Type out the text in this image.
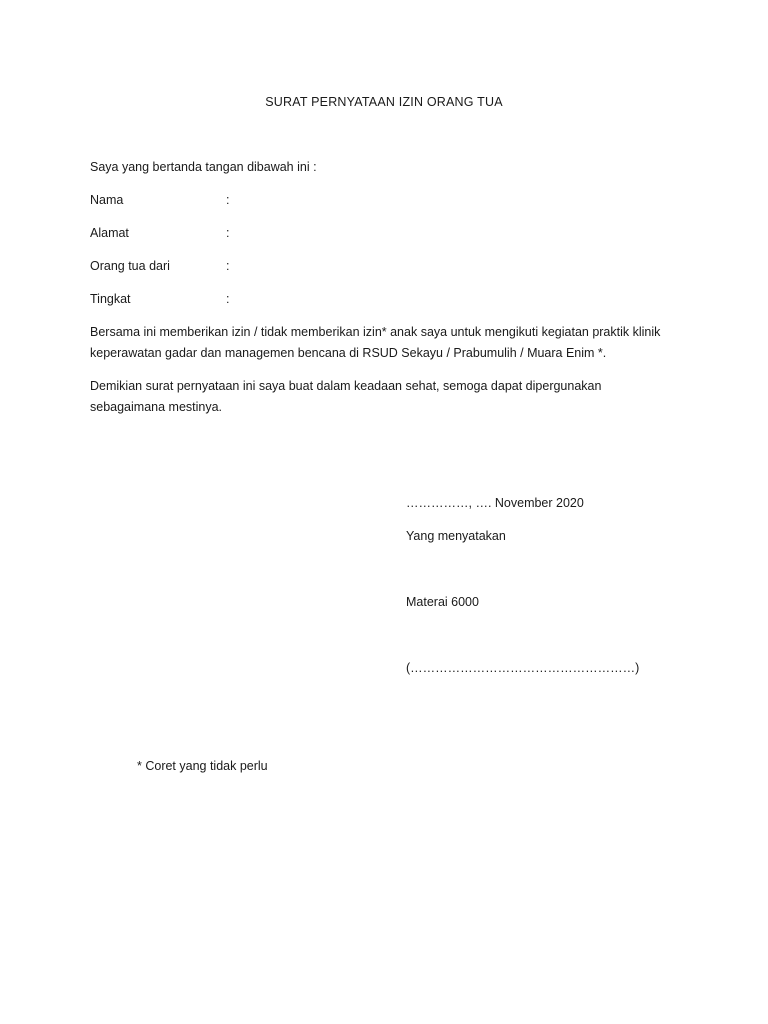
SURAT PERNYATAAN IZIN ORANG TUA
Saya yang bertanda tangan dibawah ini :
Nama	:
Alamat	:
Orang tua dari	:
Tingkat	:

Bersama ini memberikan izin / tidak memberikan izin* anak saya untuk mengikuti kegiatan praktik klinik

keperawatan gadar dan managemen bencana di RSUD Sekayu / Prabumulih / Muara Enim *.

Demikian surat pernyataan ini saya buat dalam keadaan sehat, semoga dapat dipergunakan

sebagaimana mestinya.

……………, …. November 2020
Yang menyatakan
Materai 6000
(………………………………………………)
* Coret yang tidak perlu
